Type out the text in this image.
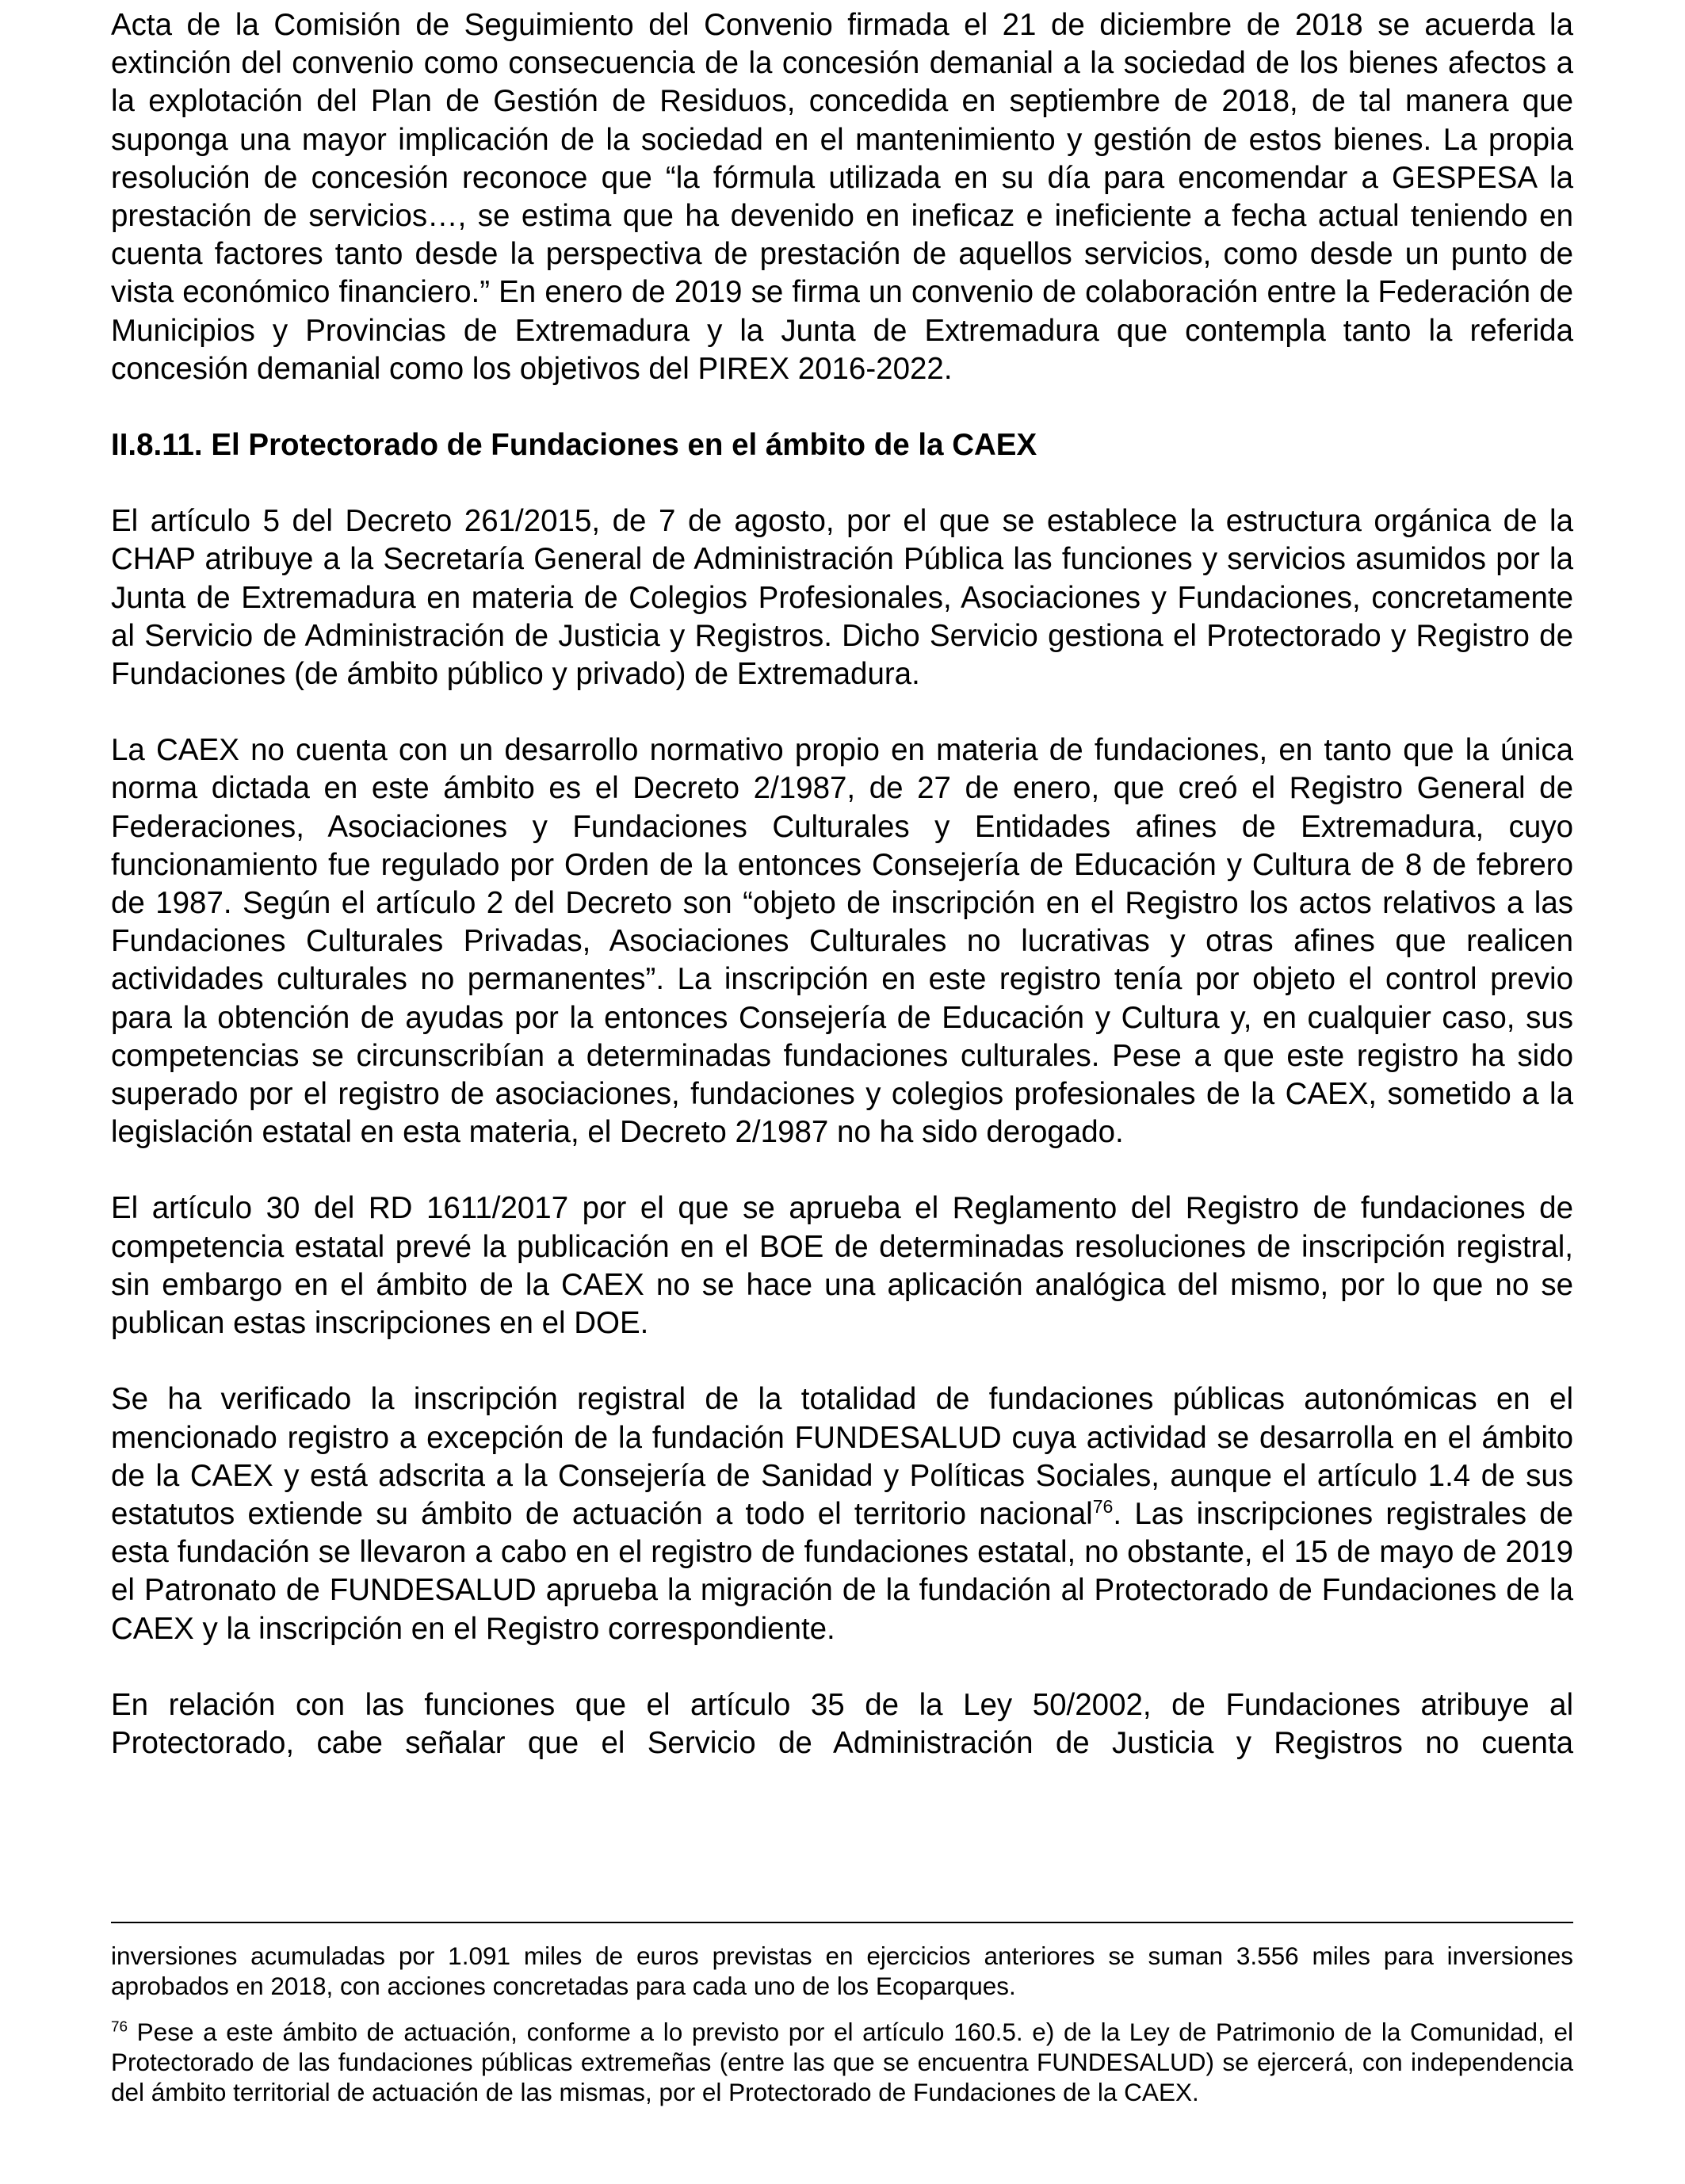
Acta de la Comisión de Seguimiento del Convenio firmada el 21 de diciembre de 2018 se acuerda la extinción del convenio como consecuencia de la concesión demanial a la sociedad de los bienes afectos a la explotación del Plan de Gestión de Residuos, concedida en septiembre de 2018, de tal manera que suponga una mayor implicación de la sociedad en el mantenimiento y gestión de estos bienes. La propia resolución de concesión reconoce que “la fórmula utilizada en su día para encomendar a GESPESA la prestación de servicios…, se estima que ha devenido en ineficaz e ineficiente a fecha actual teniendo en cuenta factores tanto desde la perspectiva de prestación de aquellos servicios, como desde un punto de vista económico financiero.” En enero de 2019 se firma un convenio de colaboración entre la Federación de Municipios y Provincias de Extremadura y la Junta de Extremadura que contempla tanto la referida concesión demanial como los objetivos del PIREX 2016-2022.

II.8.11. El Protectorado de Fundaciones en el ámbito de la CAEX

El artículo 5 del Decreto 261/2015, de 7 de agosto, por el que se establece la estructura orgánica de la CHAP atribuye a la Secretaría General de Administración Pública las funciones y servicios asumidos por la Junta de Extremadura en materia de Colegios Profesionales, Asociaciones y Fundaciones, concretamente al Servicio de Administración de Justicia y Registros. Dicho Servicio gestiona el Protectorado y Registro de Fundaciones (de ámbito público y privado) de Extremadura.

La CAEX no cuenta con un desarrollo normativo propio en materia de fundaciones, en tanto que la única norma dictada en este ámbito es el Decreto 2/1987, de 27 de enero, que creó el Registro General de Federaciones, Asociaciones y Fundaciones Culturales y Entidades afines de Extremadura, cuyo funcionamiento fue regulado por Orden de la entonces Consejería de Educación y Cultura de 8 de febrero de 1987. Según el artículo 2 del Decreto son “objeto de inscripción en el Registro los actos relativos a las Fundaciones Culturales Privadas, Asociaciones Culturales no lucrativas y otras afines que realicen actividades culturales no permanentes”. La inscripción en este registro tenía por objeto el control previo para la obtención de ayudas por la entonces Consejería de Educación y Cultura y, en cualquier caso, sus competencias se circunscribían a determinadas fundaciones culturales. Pese a que este registro ha sido superado por el registro de asociaciones, fundaciones y colegios profesionales de la CAEX, sometido a la legislación estatal en esta materia, el Decreto 2/1987 no ha sido derogado.

El artículo 30 del RD 1611/2017 por el que se aprueba el Reglamento del Registro de fundaciones de competencia estatal prevé la publicación en el BOE de determinadas resoluciones de inscripción registral, sin embargo en el ámbito de la CAEX no se hace una aplicación analógica del mismo, por lo que no se publican estas inscripciones en el DOE.

Se ha verificado la inscripción registral de la totalidad de fundaciones públicas autonómicas en el mencionado registro a excepción de la fundación FUNDESALUD cuya actividad se desarrolla en el ámbito de la CAEX y está adscrita a la Consejería de Sanidad y Políticas Sociales, aunque el artículo 1.4 de sus estatutos extiende su ámbito de actuación a todo el territorio nacional$^{76}$. Las inscripciones registrales de esta fundación se llevaron a cabo en el registro de fundaciones estatal, no obstante, el 15 de mayo de 2019 el Patronato de FUNDESALUD aprueba la migración de la fundación al Protectorado de Fundaciones de la CAEX y la inscripción en el Registro correspondiente.

En relación con las funciones que el artículo 35 de la Ley 50/2002, de Fundaciones atribuye al Protectorado, cabe señalar que el Servicio de Administración de Justicia y Registros no cuenta

inversiones acumuladas por 1.091 miles de euros previstas en ejercicios anteriores se suman 3.556 miles para inversiones aprobados en 2018, con acciones concretadas para cada uno de los Ecoparques.

$^{76}$ Pese a este ámbito de actuación, conforme a lo previsto por el artículo 160.5. e) de la Ley de Patrimonio de la Comunidad, el Protectorado de las fundaciones públicas extremeñas (entre las que se encuentra FUNDESALUD) se ejercerá, con independencia del ámbito territorial de actuación de las mismas, por el Protectorado de Fundaciones de la CAEX.
